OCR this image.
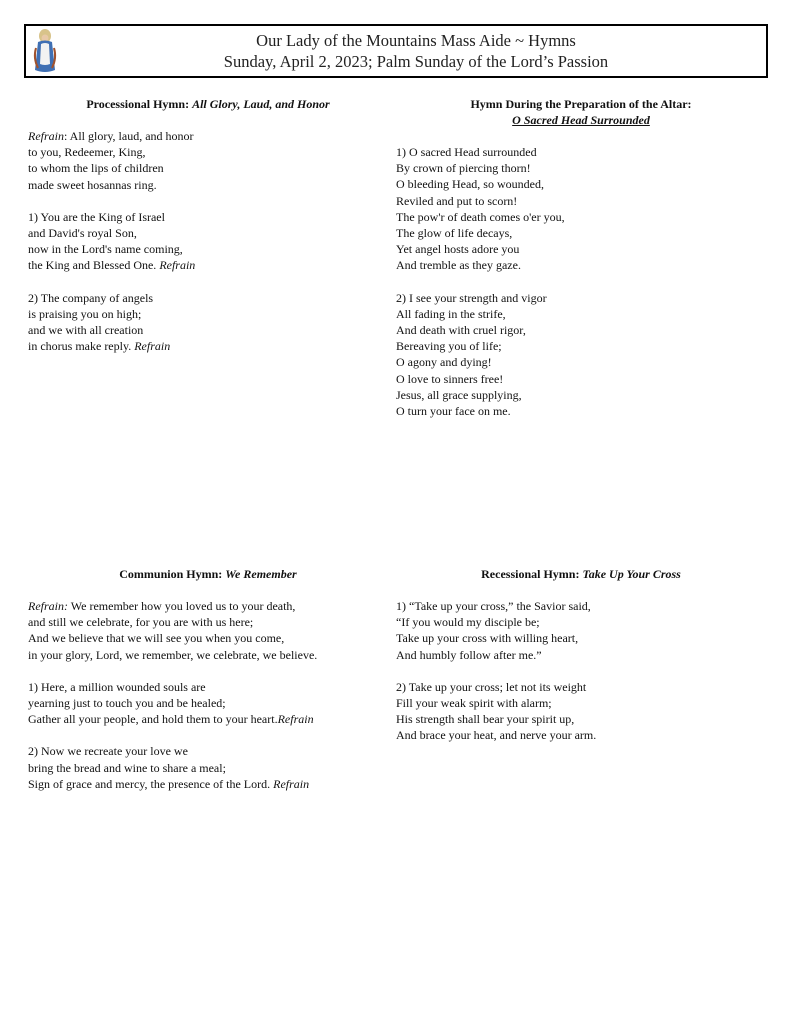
Our Lady of the Mountains Mass Aide ~ Hymns
Sunday, April 2, 2023; Palm Sunday of the Lord’s Passion
Processional Hymn: All Glory, Laud, and Honor
Refrain: All glory, laud, and honor
to you, Redeemer, King,
to whom the lips of children
made sweet hosannas ring.
1) You are the King of Israel
and David's royal Son,
now in the Lord's name coming,
the King and Blessed One. Refrain
2) The company of angels
is praising you on high;
and we with all creation
in chorus make reply. Refrain
Hymn During the Preparation of the Altar:
O Sacred Head Surrounded
1) O sacred Head surrounded
By crown of piercing thorn!
O bleeding Head, so wounded,
Reviled and put to scorn!
The pow'r of death comes o'er you,
The glow of life decays,
Yet angel hosts adore you
And tremble as they gaze.
2) I see your strength and vigor
All fading in the strife,
And death with cruel rigor,
Bereaving you of life;
O agony and dying!
O love to sinners free!
Jesus, all grace supplying,
O turn your face on me.
Communion Hymn: We Remember
Refrain: We remember how you loved us to your death,
and still we celebrate, for you are with us here;
And we believe that we will see you when you come,
in your glory, Lord, we remember, we celebrate, we believe.
1) Here, a million wounded souls are
yearning just to touch you and be healed;
Gather all your people, and hold them to your heart.Refrain
2) Now we recreate your love we
bring the bread and wine to share a meal;
Sign of grace and mercy, the presence of the Lord. Refrain
Recessional Hymn: Take Up Your Cross
1) “Take up your cross,” the Savior said,
“If you would my disciple be;
Take up your cross with willing heart,
And humbly follow after me.”
2) Take up your cross; let not its weight
Fill your weak spirit with alarm;
His strength shall bear your spirit up,
And brace your heat, and nerve your arm.
